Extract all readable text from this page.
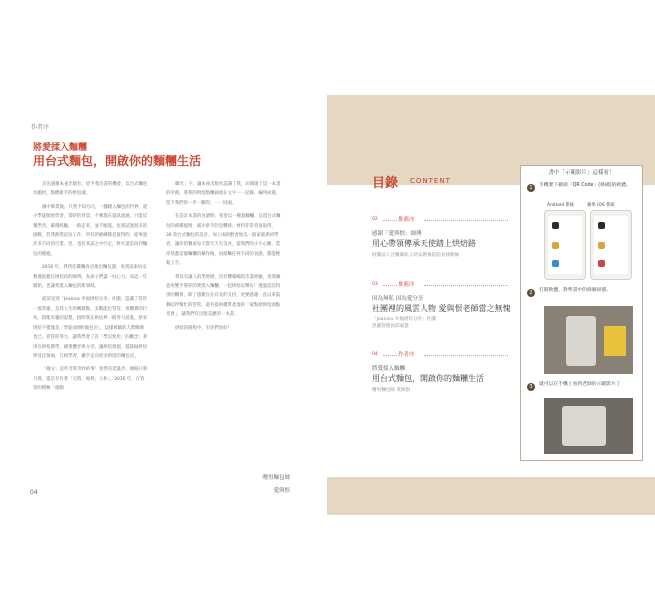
作者序
將愛揉入麵糰
用台式麵包，開啟你的麵糰生活

首先感謝朱雀出版社，給予我出書的機會，以台式麵包為題材，點燃新手的烘焙魂。

國中畢業後，只然不知方向，一腳踏入麵包的世界，從小學徒開始學習，當時的背景，不乘現在資訊流通，只能反覆學習，累積經驗，一路走來，並不順遂，也嘗試過很多的挑戰，但我熱愛這份工作，所有的磨練都是值得的，從事過許多不同的行業，但，也於其試之中巨定，終究還是回到麵包的懷抱。

2016 年，我所任職麵食店推出麵包課，來到前東坊安教養院擔任烘焙坊的師傅，為孩子們盡一份心力，而這一年開始，也讓我進入麵包的新領域。

從前受到「Jeanica 幸福烘焙分享」社團，認識了管管一群甚麼，是我人生的轉捩點，多數能位管管，用機實的行為，搭配有趣的思想，指明我在烘焙界一路努力前進，原來烘焙不僅僅是「學徒(師傅)做包店」，這樣被賦的人際關係也已，管管的努力，讓我學會了許「學以致用」的觀念；著用在烘焙教學，藉著體弄與分享，讓烘焙發現，鼓鼓做烘焙界首比領袖，互相學習，攜手走向更多烘焙的麵包店。

「緣分」是件非常奇妙的事！曾然有延誰步，網路日新月異，還是存在著「天時、地利、人和」，2016 年，在管管的積極「推動

曝光」下，讓朱雀出版社認識了我，而開啟了這一本書的序曲，將我的烘焙點麵滴流在文字一一記錄，編列成冊，留下我們的一步一腳印，一一回頭。

在設計本書的食譜時，希望以一種超麵糰，呈現台式麵包的萬種風情，減少新手的恐懼感，材料非常容易取得，30 款台式麵包的設計，加上兩款醇香地瓜一般家庭與初學者，讓你的餐桌每天都天天有美食，從我們的小小心願，當你熟悉這個麵糰的操作後，再接觸任何不同的食譜，都能輕鬆上手。

我沒有讓人的學經歷，沒有響噹噹的出書經驗，但我願意用雙手將你的愛揉入麵糰，一起烘焙玩樂玩！透過這次特別的機會，除了感謝自在有長的支持，更要感謝一直以來鼓舞陪伴幫忙的管管，還有提供優質產地的「蒙點原烘焙酒點堂會」，讓我們有出版美麗的一本書。

烘焙的路程中，有你們真好！

曙男麵包師
愛與恨
04
目錄 CONTENT
02	推薦序
感謝「愛與恨」師傅
用心帶領傳承天使踏上烘焙路
財團法人宜蘭縣私立幼安教養院院長林勤妹
03	推薦序
因為無私 因為愛分享
社團裡的風雲人物 愛與恨老師當之無愧
「Jeanica 幸福烘焙分享」社團
黑嚴管理員邱嘉慧
04	作者序
將愛揉入麵糰
用台式麵包，開啟你的麵糰生活
曙男麵包師 愛與恨
書中「示範影片」這樣看！
1	手機要下載掃「QR Code」(條碼)的軟體。
Android 系統	蘋果 iOS 系統
2	打開軟體，對準書中的條碼掃描。
3	就可以在手機上看到老師的示範影片了
